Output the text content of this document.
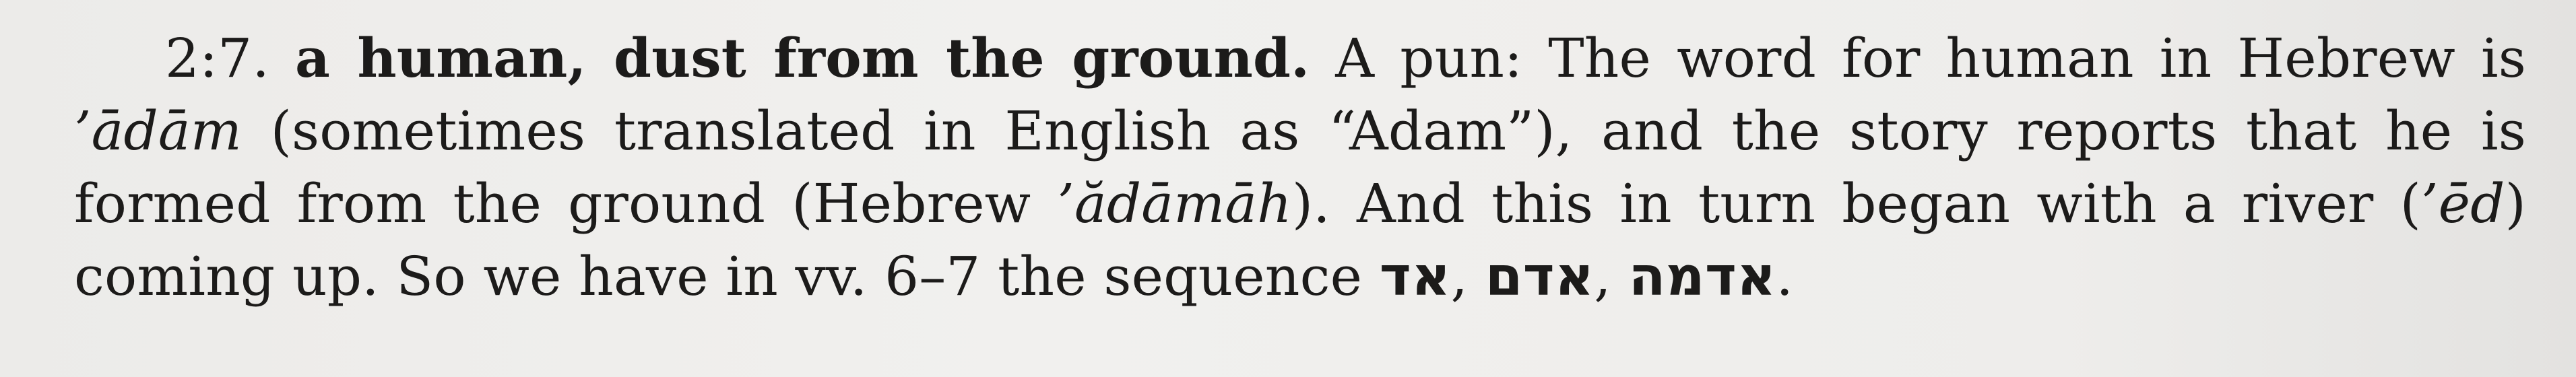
2:7. a human, dust from the ground. A pun: The word for human in Hebrew is ’ādām (sometimes translated in English as “Adam”), and the story reports that he is formed from the ground (Hebrew ’ădāmāh). And this in turn began with a river (’ēd) coming up. So we have in vv. 6–7 the sequence אד, אדם, אדמה.
